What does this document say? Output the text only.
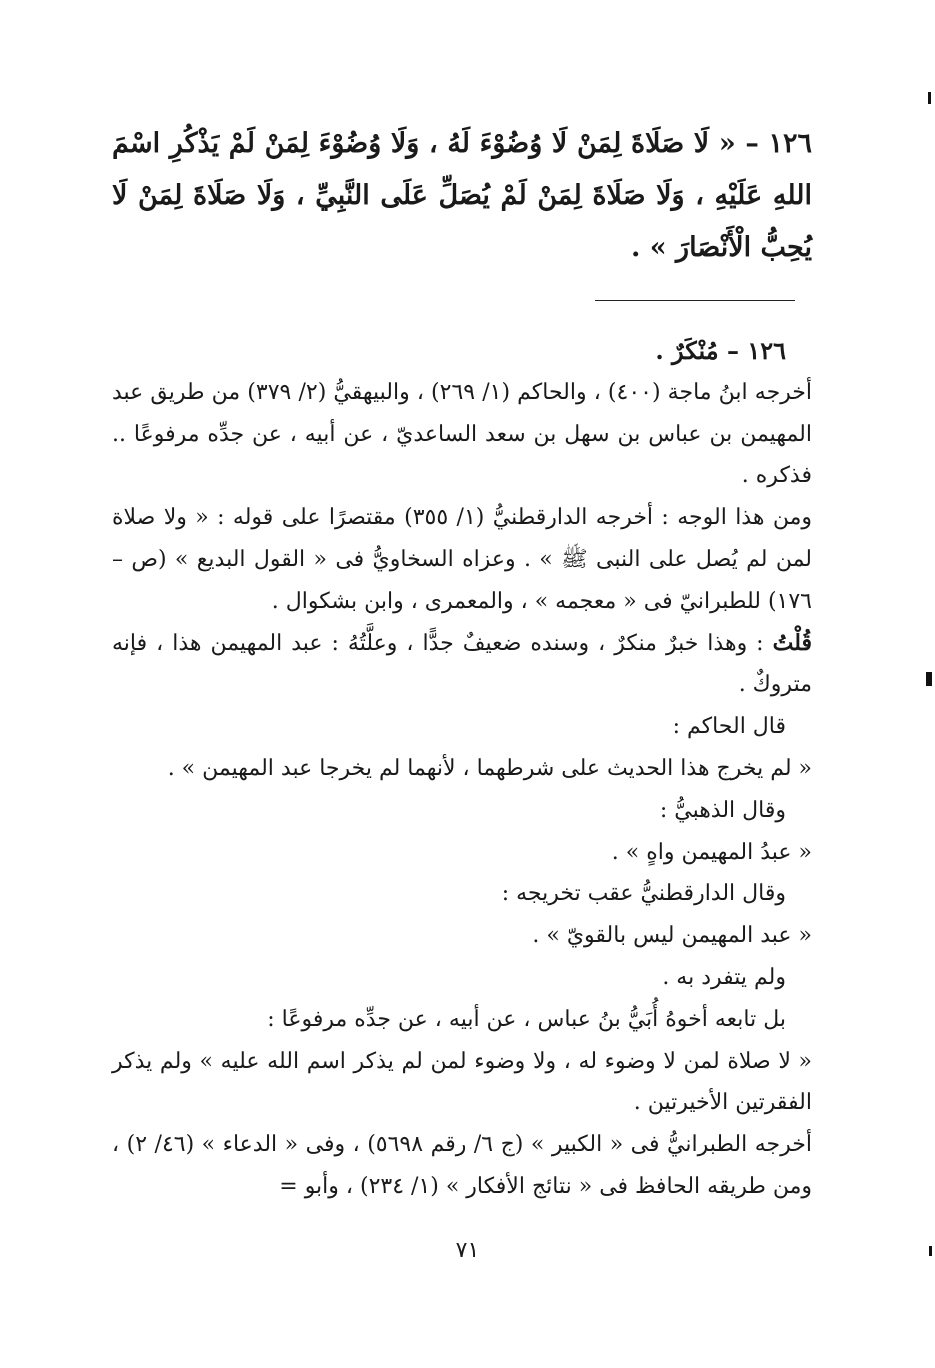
١٢٦ – « لَا صَلَاةَ لِمَنْ لَا وُضُوْءَ لَهُ ، وَلَا وُضُوْءَ لِمَنْ لَمْ يَذْكُرِ اسْمَ اللهِ عَلَيْهِ ، وَلَا صَلَاةَ لِمَنْ لَمْ يُصَلِّ عَلَى النَّبِيِّ ، وَلَا صَلَاةَ لِمَنْ لَا يُحِبُّ الْأَنْصَارَ » .

١٢٦ – مُنْكَرٌ .

أخرجه ابنُ ماجة (٤٠٠) ، والحاكم (١/ ٢٦٩) ، والبيهقيُّ (٢/ ٣٧٩) من طريق عبد المهيمن بن عباس بن سهل بن سعد الساعديّ ، عن أبيه ، عن جدِّه مرفوعًا .. فذكره .

ومن هذا الوجه : أخرجه الدارقطنيُّ (١/ ٣٥٥) مقتصرًا على قوله : « ولا صلاة لمن لم يُصل على النبى ﷺ » . وعزاه السخاويُّ فى « القول البديع » (ص – ١٧٦) للطبرانيّ فى « معجمه » ، والمعمرى ، وابن بشكوال .

قُلْتُ : وهذا خبرٌ منكرٌ ، وسنده ضعيفٌ جدًّا ، وعلَّتُهُ : عبد المهيمن هذا ، فإنه متروكٌ .

قال الحاكم :

« لم يخرج هذا الحديث على شرطهما ، لأنهما لم يخرجا عبد المهيمن » .

وقال الذهبيُّ :

« عبدُ المهيمن واهٍ » .

وقال الدارقطنيُّ عقب تخريجه :

« عبد المهيمن ليس بالقويّ » .

ولم يتفرد به .

بل تابعه أخوهُ أُبَيُّ بنُ عباس ، عن أبيه ، عن جدِّه مرفوعًا :

« لا صلاة لمن لا وضوء له ، ولا وضوء لمن لم يذكر اسم الله عليه » ولم يذكر الفقرتين الأخيرتين .

أخرجه الطبرانيُّ فى « الكبير » (ج ٦/ رقم ٥٦٩٨) ، وفى « الدعاء » (٤٦/ ٢) ، ومن طريقه الحافظ فى « نتائج الأفكار » (١/ ٢٣٤) ، وأبو =

٧١
